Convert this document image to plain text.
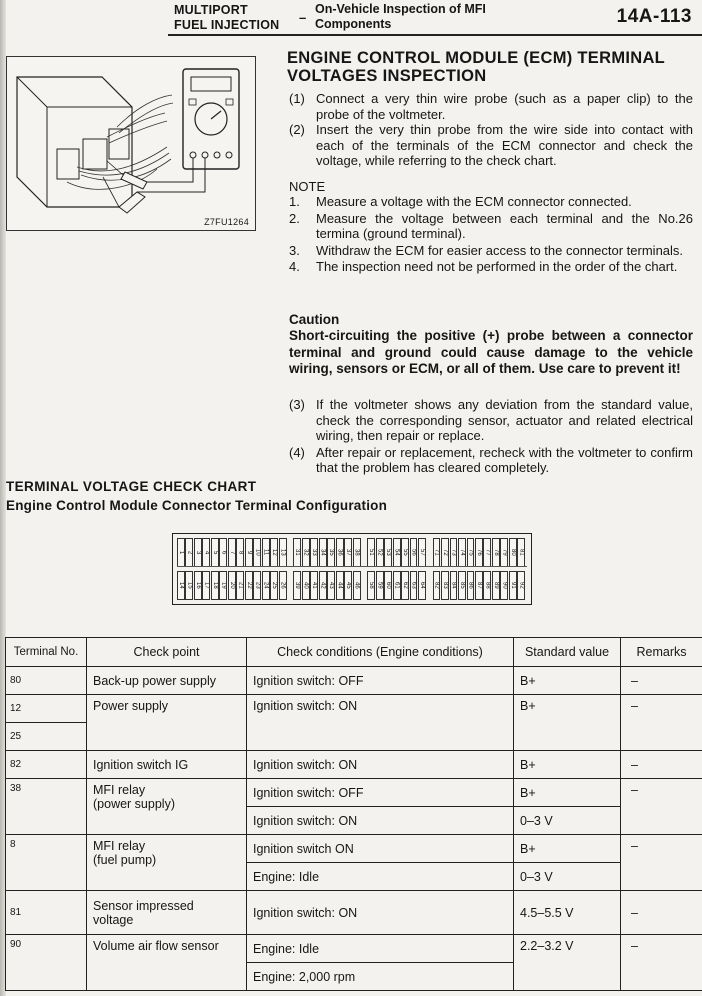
MULTIPORT
FUEL INJECTION	–
On-Vehicle Inspection of MFI
Components	14A-113
Z7FU1264
ENGINE CONTROL MODULE (ECM) TERMINAL
VOLTAGES INSPECTION
(1) Connect a very thin wire probe (such as a paper clip) to the probe of the voltmeter.
(2) Insert the very thin probe from the wire side into contact with each of the terminals of the ECM connector and check the voltage, while referring to the check chart.
NOTE
1.	Measure a voltage with the ECM connector connected.
2.	Measure the voltage between each terminal and the No.26 termina (ground terminal).
3.	Withdraw the ECM for easier access to the connector terminals.
4.	The inspection need not be performed in the order of the chart.
Caution
Short-circuiting the positive (+) probe between a connector terminal and ground could cause damage to the vehicle wiring, sensors or ECM, or all of them. Use care to prevent it!
(3) If the voltmeter shows any deviation from the standard value, check the corresponding sensor, actuator and related electrical wiring, then repair or replace.
(4) After repair or replacement, recheck with the voltmeter to confirm that the problem has cleared completely.
TERMINAL VOLTAGE CHECK CHART
Engine Control Module Connector Terminal Configuration
1 2 3 4 5 6 7 8 9 10 11 12 13 31 32 33 34 35 36 37 38 51 52 53 54 55 56 57 71 72 73 74 75 76 77 78 79 80 81
14 15 16 17 18 19 20 21 22 23 24 25 26 39 40 41 42 43 44 45 46 58 59 60 61 62 63 64 82 83 84 85 86 87 88 89 90 91 92
Terminal No.	Check point	Check conditions (Engine conditions)	Standard value	Remarks
80	Back-up power supply	Ignition switch: OFF	B+	–
12	Power supply	Ignition switch: ON	B+	–
25				
82	Ignition switch IG	Ignition switch: ON	B+	–
38	MFI relay
(power supply)	Ignition switch: OFF	B+	–
		Ignition switch: ON	0–3 V	
8	MFI relay
(fuel pump)	Ignition switch ON	B+	–
		Engine: Idle	0–3 V	
81	Sensor impressed
voltage	Ignition switch: ON	4.5–5.5 V	–
90	Volume air flow sensor	Engine: Idle	2.2–3.2 V	–
		Engine: 2,000 rpm		
